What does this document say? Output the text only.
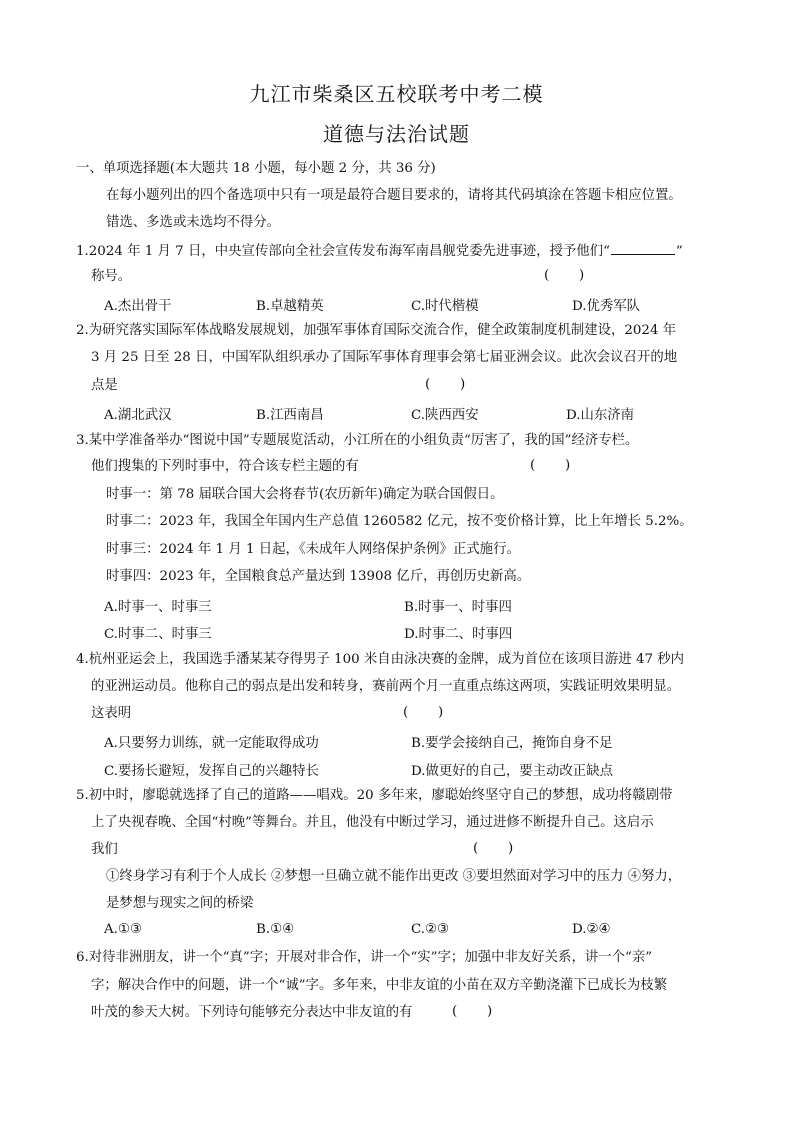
九江市柴桑区五校联考中考二模
道德与法治试题
一、单项选择题(本大题共 18 小题，每小题 2 分，共 36 分)
在每小题列出的四个备选项中只有一项是最符合题目要求的，请将其代码填涂在答题卡相应位置。
错选、多选或未选均不得分。
1.2024 年 1 月 7 日，中央宣传部向全社会宣传发布海军南昌舰党委先进事迹，授予他们“	”
称号。	(       )
A.杰出骨干	B.卓越精英	C.时代楷模	D.优秀军队
2.为研究落实国际军体战略发展规划，加强军事体育国际交流合作，健全政策制度机制建设，2024 年
3 月 25 日至 28 日，中国军队组织承办了国际军事体育理事会第七届亚洲会议。此次会议召开的地
点是	(       )
A.湖北武汉	B.江西南昌	C.陕西西安	D.山东济南
3.某中学准备举办“图说中国”专题展览活动，小江所在的小组负责“厉害了，我的国”经济专栏。
他们搜集的下列时事中，符合该专栏主题的有	(       )
时事一：第 78 届联合国大会将春节(农历新年)确定为联合国假日。
时事二：2023 年，我国全年国内生产总值 1260582 亿元，按不变价格计算，比上年增长 5.2%。
时事三：2024 年 1 月 1 日起，《未成年人网络保护条例》正式施行。
时事四：2023 年，全国粮食总产量达到 13908 亿斤，再创历史新高。
A.时事一、时事三	B.时事一、时事四
C.时事二、时事三	D.时事二、时事四
4.杭州亚运会上，我国选手潘某某夺得男子 100 米自由泳决赛的金牌，成为首位在该项目游进 47 秒内
的亚洲运动员。他称自己的弱点是出发和转身，赛前两个月一直重点练这两项，实践证明效果明显。
这表明	(       )
A.只要努力训练，就一定能取得成功	B.要学会接纳自己，掩饰自身不足
C.要扬长避短，发挥自己的兴趣特长	D.做更好的自己，要主动改正缺点
5.初中时，廖聪就选择了自己的道路——唱戏。20 多年来，廖聪始终坚守自己的梦想，成功将赣剧带
上了央视春晚、全国“村晚”等舞台。并且，他没有中断过学习，通过进修不断提升自己。这启示
我们	(       )
①终身学习有利于个人成长 ②梦想一旦确立就不能作出更改 ③要坦然面对学习中的压力 ④努力，
是梦想与现实之间的桥梁
A.①③	B.①④	C.②③	D.②④
6.对待非洲朋友，讲一个“真”字；开展对非合作，讲一个“实”字；加强中非友好关系，讲一个“亲”
字；解决合作中的问题，讲一个“诚”字。多年来，中非友谊的小苗在双方辛勤浇灌下已成长为枝繁
叶茂的参天大树。下列诗句能够充分表达中非友谊的有	(       )
